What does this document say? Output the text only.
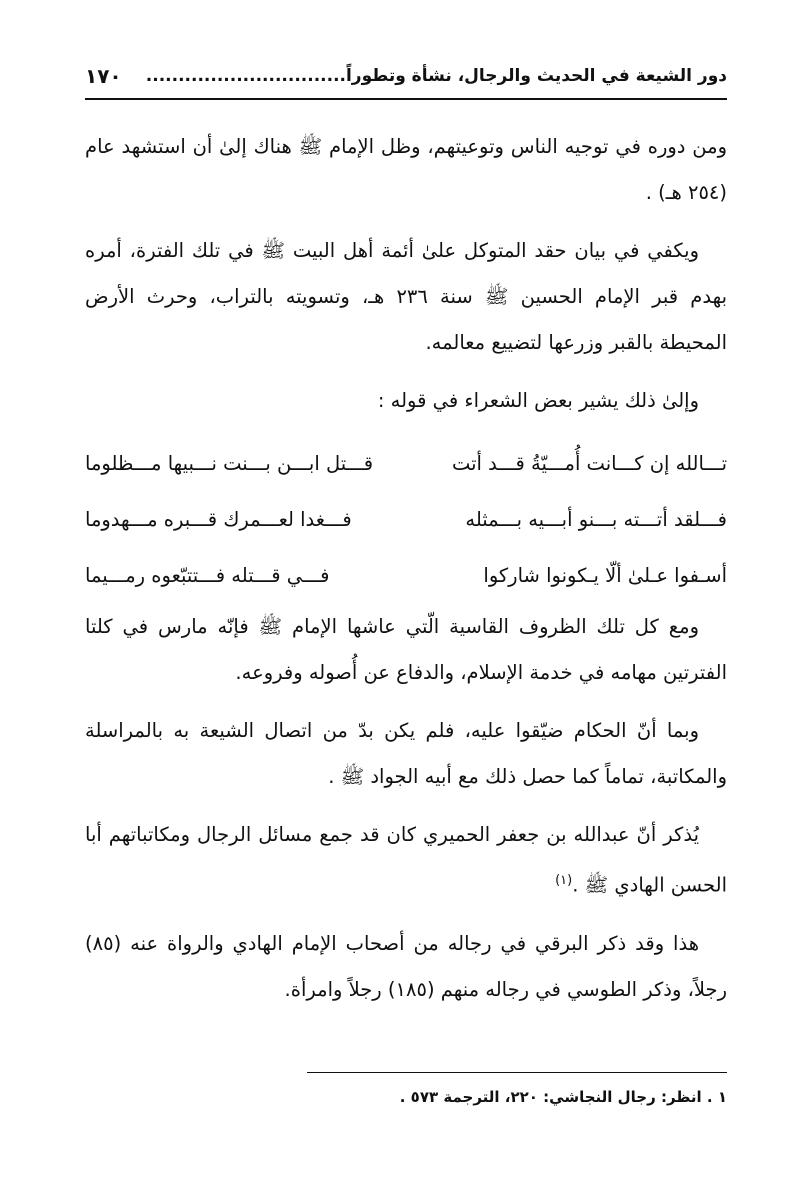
دور الشيعة في الحديث والرجال، نشأة وتطوراً...............................
١٧٠

ومن دوره في توجيه الناس وتوعيتهم، وظل الإمام ﷺ هناك إلىٰ أن استشهد عام (٢٥٤ هـ) .

ويكفي في بيان حقد المتوكل علىٰ أئمة أهل البيت ﷺ في تلك الفترة، أمره بهدم قبر الإمام الحسين ﷺ سنة ٢٣٦ هـ، وتسويته بالتراب، وحرث الأرض المحيطة بالقبر وزرعها لتضييع معالمه.

وإلىٰ ذلك يشير بعض الشعراء في قوله :

تـــالله إن كـــانت أُمـــيّةُ قـــد أتت
قـــتل ابـــن بـــنت نـــبيها مـــظلوما
فـــلقد أتـــته بـــنو أبـــيه بـــمثله
فـــغدا لعـــمرك قـــبره مـــهدوما
أسـفوا عـلىٰ ألّا يـكونوا شاركوا
فـــي قـــتله فـــتتبّعوه رمـــيما

ومع كل تلك الظروف القاسية الّتي عاشها الإمام ﷺ فإنّه مارس في كلتا الفترتين مهامه في خدمة الإسلام، والدفاع عن أُصوله وفروعه.

وبما أنّ الحكام ضيّقوا عليه، فلم يكن بدّ من اتصال الشيعة به بالمراسلة والمكاتبة، تماماً كما حصل ذلك مع أبيه الجواد ﷺ .

يُذكر أنّ عبدالله بن جعفر الحميري كان قد جمع مسائل الرجال ومكاتباتهم أبا الحسن الهادي ﷺ .$^{(١)}$

هذا وقد ذكر البرقي في رجاله من أصحاب الإمام الهادي والرواة عنه (٨٥) رجلاً، وذكر الطوسي في رجاله منهم (١٨٥) رجلاً وامرأة.

١ . انظر: رجال النجاشي: ٢٢٠، الترجمة ٥٧٣ .
